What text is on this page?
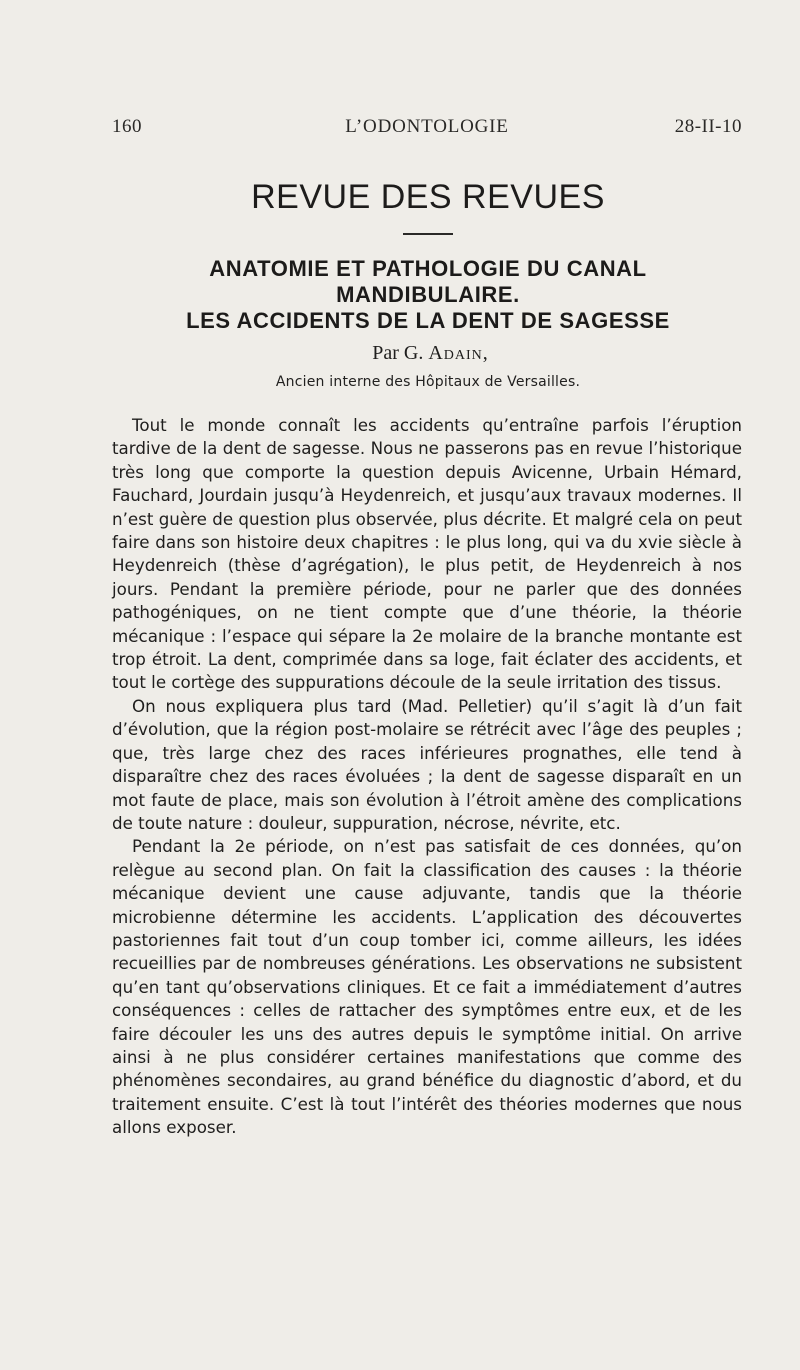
160	L’ODONTOLOGIE	28-II-10
REVUE DES REVUES
ANATOMIE ET PATHOLOGIE DU CANAL
MANDIBULAIRE.
LES ACCIDENTS DE LA DENT DE SAGESSE
Par G. Adain,
Ancien interne des Hôpitaux de Versailles.

Tout le monde connaît les accidents qu’entraîne parfois l’éruption tardive de la dent de sagesse. Nous ne passerons pas en revue l’historique très long que comporte la question depuis Avicenne, Urbain Hémard, Fauchard, Jourdain jusqu’à Heydenreich, et jusqu’aux travaux modernes. Il n’est guère de question plus observée, plus décrite. Et malgré cela on peut faire dans son histoire deux chapitres : le plus long, qui va du xvie siècle à Heydenreich (thèse d’agrégation), le plus petit, de Heydenreich à nos jours. Pendant la première période, pour ne parler que des données pathogéniques, on ne tient compte que d’une théorie, la théorie mécanique : l’espace qui sépare la 2e molaire de la branche montante est trop étroit. La dent, comprimée dans sa loge, fait éclater des accidents, et tout le cortège des suppurations découle de la seule irritation des tissus.

On nous expliquera plus tard (Mad. Pelletier) qu’il s’agit là d’un fait d’évolution, que la région post-molaire se rétrécit avec l’âge des peuples ; que, très large chez des races inférieures prognathes, elle tend à disparaître chez des races évoluées ; la dent de sagesse disparaît en un mot faute de place, mais son évolution à l’étroit amène des complications de toute nature : douleur, suppuration, nécrose, névrite, etc.

Pendant la 2e période, on n’est pas satisfait de ces données, qu’on relègue au second plan. On fait la classification des causes : la théorie mécanique devient une cause adjuvante, tandis que la théorie microbienne détermine les accidents. L’application des découvertes pastoriennes fait tout d’un coup tomber ici, comme ailleurs, les idées recueillies par de nombreuses générations. Les observations ne subsistent qu’en tant qu’observations cliniques. Et ce fait a immédiatement d’autres conséquences : celles de rattacher des symptômes entre eux, et de les faire découler les uns des autres depuis le symptôme initial. On arrive ainsi à ne plus considérer certaines manifestations que comme des phénomènes secondaires, au grand bénéfice du diagnostic d’abord, et du traitement ensuite. C’est là tout l’intérêt des théories modernes que nous allons exposer.
